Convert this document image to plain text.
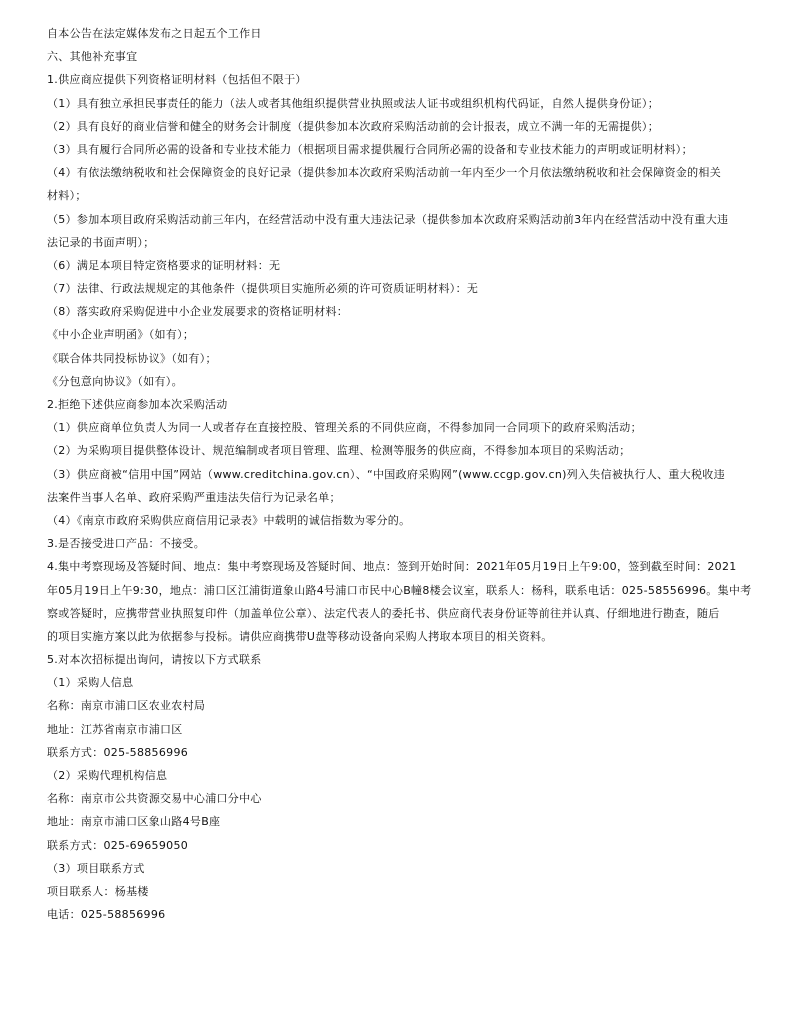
自本公告在法定媒体发布之日起五个工作日
六、其他补充事宜
1.供应商应提供下列资格证明材料（包括但不限于）
（1）具有独立承担民事责任的能力（法人或者其他组织提供营业执照或法人证书或组织机构代码证，自然人提供身份证）；
（2）具有良好的商业信誉和健全的财务会计制度（提供参加本次政府采购活动前的会计报表，成立不满一年的无需提供）；
（3）具有履行合同所必需的设备和专业技术能力（根据项目需求提供履行合同所必需的设备和专业技术能力的声明或证明材料）；
（4）有依法缴纳税收和社会保障资金的良好记录（提供参加本次政府采购活动前一年内至少一个月依法缴纳税收和社会保障资金的相关
材料）；
（5）参加本项目政府采购活动前三年内，在经营活动中没有重大违法记录（提供参加本次政府采购活动前3年内在经营活动中没有重大违
法记录的书面声明）；
（6）满足本项目特定资格要求的证明材料：无
（7）法律、行政法规规定的其他条件（提供项目实施所必须的许可资质证明材料）：无
（8）落实政府采购促进中小企业发展要求的资格证明材料：
《中小企业声明函》（如有）；
《联合体共同投标协议》（如有）；
《分包意向协议》（如有）。
2.拒绝下述供应商参加本次采购活动
（1）供应商单位负责人为同一人或者存在直接控股、管理关系的不同供应商，不得参加同一合同项下的政府采购活动；
（2）为采购项目提供整体设计、规范编制或者项目管理、监理、检测等服务的供应商，不得参加本项目的采购活动；
（3）供应商被“信用中国”网站（www.creditchina.gov.cn）、“中国政府采购网”(www.ccgp.gov.cn)列入失信被执行人、重大税收违
法案件当事人名单、政府采购严重违法失信行为记录名单；
（4）《南京市政府采购供应商信用记录表》中载明的诚信指数为零分的。
3.是否接受进口产品：不接受。
4.集中考察现场及答疑时间、地点：集中考察现场及答疑时间、地点：签到开始时间：2021年05月19日上午9:00，签到截至时间：2021
年05月19日上午9:30，地点：浦口区江浦街道象山路4号浦口市民中心B幢8楼会议室，联系人：杨科，联系电话：025-58556996。集中考
察或答疑时，应携带营业执照复印件（加盖单位公章）、法定代表人的委托书、供应商代表身份证等前往并认真、仔细地进行勘查，随后
的项目实施方案以此为依据参与投标。请供应商携带U盘等移动设备向采购人拷取本项目的相关资料。
5.对本次招标提出询问，请按以下方式联系
（1）采购人信息
名称：南京市浦口区农业农村局
地址：江苏省南京市浦口区
联系方式：025-58856996
（2）采购代理机构信息
名称：南京市公共资源交易中心浦口分中心
地址：南京市浦口区象山路4号B座
联系方式：025-69659050
（3）项目联系方式
项目联系人：杨基楼
电话：025-58856996
